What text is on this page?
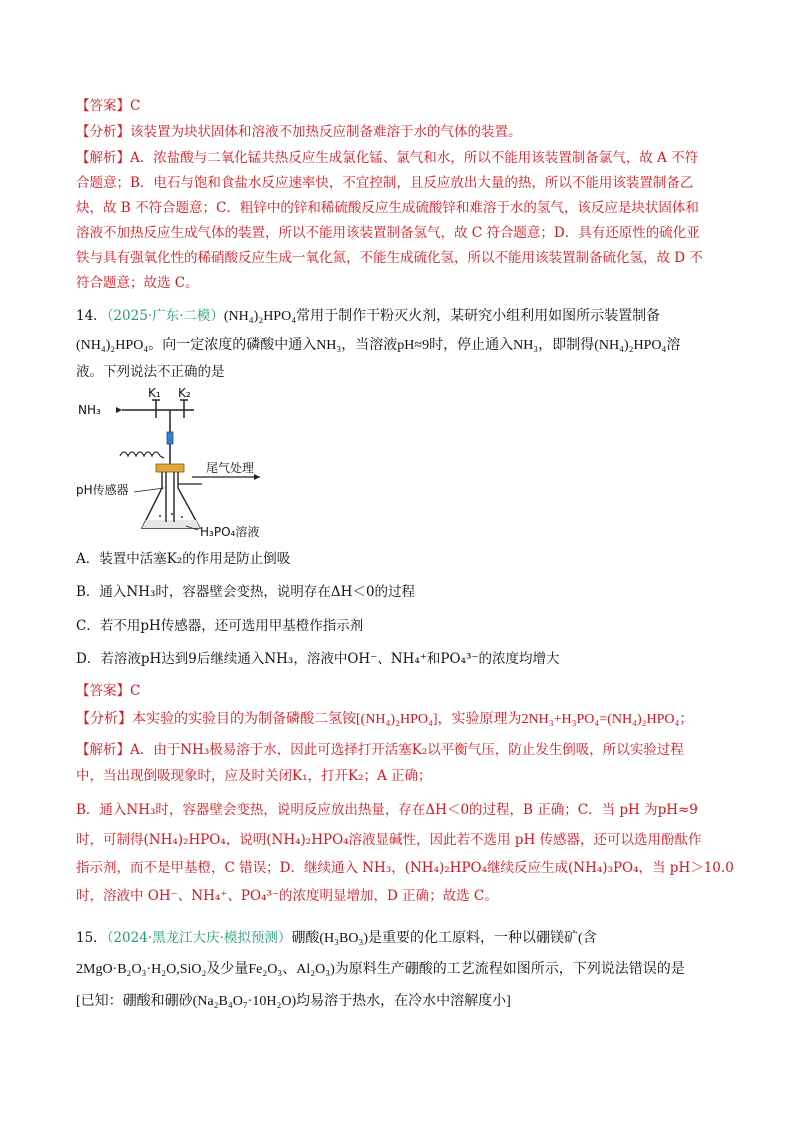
【答案】C
【分析】该装置为块状固体和溶液不加热反应制备难溶于水的气体的装置。
【解析】A．浓盐酸与二氧化锰共热反应生成氯化锰、氯气和水，所以不能用该装置制备氯气，故 A 不符
合题意；B．电石与饱和食盐水反应速率快，不宜控制，且反应放出大量的热，所以不能用该装置制备乙
炔，故 B 不符合题意；C．粗锌中的锌和稀硫酸反应生成硫酸锌和难溶于水的氢气，该反应是块状固体和
溶液不加热反应生成气体的装置，所以不能用该装置制备氢气，故 C 符合题意；D．具有还原性的硫化亚
铁与具有强氧化性的稀硝酸反应生成一氧化氮，不能生成硫化氢，所以不能用该装置制备硫化氢，故 D 不
符合题意；故选 C。
14．（2025·广东·二模）(NH₄)₂HPO₄常用于制作干粉灭火剂，某研究小组利用如图所示装置制备
(NH₄)₂HPO₄。向一定浓度的磷酸中通入NH₃，当溶液pH≈9时，停止通入NH₃，即制得(NH₄)₂HPO₄溶
液。下列说法不正确的是
NH₃
K₁ K₂
尾气处理
pH传感器
H₃PO₄溶液
A．装置中活塞K₂的作用是防止倒吸
B．通入NH₃时，容器壁会变热，说明存在ΔH＜0的过程
C．若不用pH传感器，还可选用甲基橙作指示剂
D．若溶液pH达到9后继续通入NH₃，溶液中OH⁻、NH₄⁺和PO₄³⁻的浓度均增大
【答案】C
【分析】本实验的实验目的为制备磷酸二氢铵[(NH₄)₂HPO₄]，实验原理为2NH₃+H₃PO₄=(NH₄)₂HPO₄；
【解析】A．由于NH₃极易溶于水，因此可选择打开活塞K₂以平衡气压，防止发生倒吸，所以实验过程
中，当出现倒吸现象时，应及时关闭K₁，打开K₂；A 正确；
B．通入NH₃时，容器壁会变热，说明反应放出热量，存在ΔH＜0的过程，B 正确；C．当 pH 为pH≈9
时，可制得(NH₄)₂HPO₄，说明(NH₄)₂HPO₄溶液显碱性，因此若不选用 pH 传感器，还可以选用酚酞作
指示剂，而不是甲基橙，C 错误；D．继续通入 NH₃，(NH₄)₂HPO₄继续反应生成(NH₄)₃PO₄，当 pH＞10.0
时，溶液中 OH⁻、NH₄⁺、PO₄³⁻的浓度明显增加，D 正确；故选 C。
15．（2024·黑龙江大庆·模拟预测）硼酸(H₃BO₃)是重要的化工原料，一种以硼镁矿(含
2MgO·B₂O₃·H₂O,SiO₂及少量Fe₂O₃、Al₂O₃)为原料生产硼酸的工艺流程如图所示，下列说法错误的是
[已知：硼酸和硼砂(Na₂B₄O₇·10H₂O)均易溶于热水，在冷水中溶解度小]
